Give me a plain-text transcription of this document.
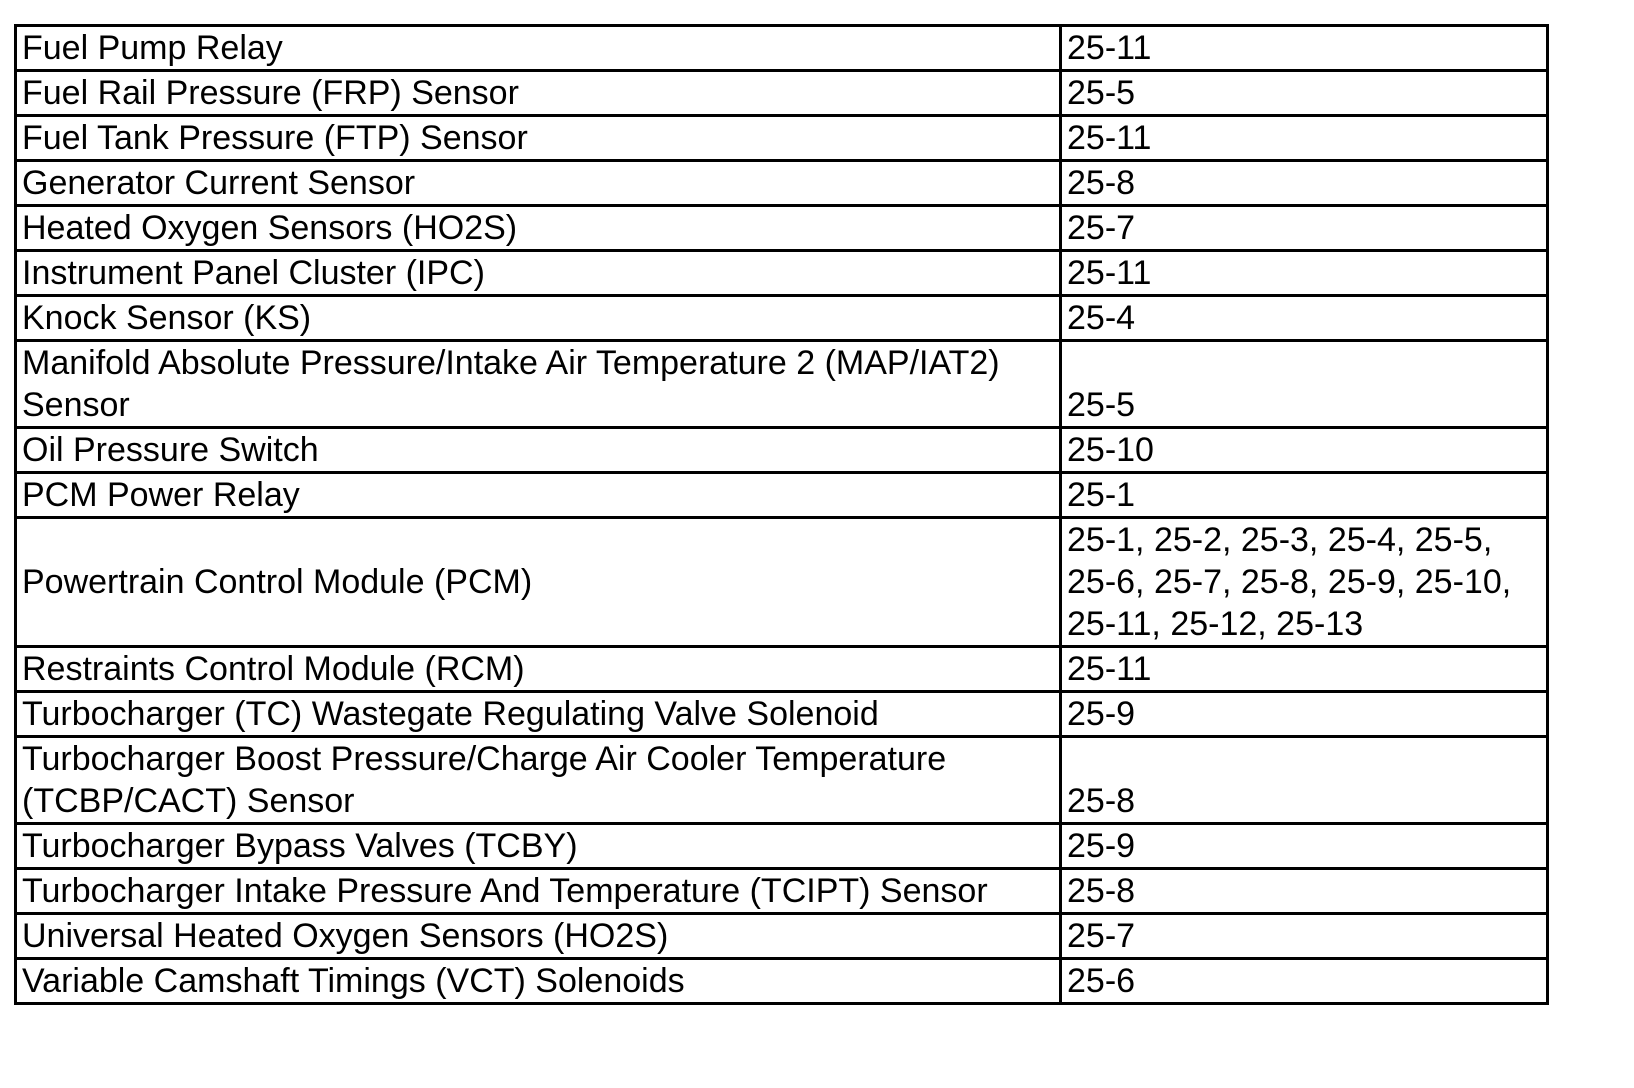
Fuel Pump Relay	25-11
Fuel Rail Pressure (FRP) Sensor	25-5
Fuel Tank Pressure (FTP) Sensor	25-11
Generator Current Sensor	25-8
Heated Oxygen Sensors (HO2S)	25-7
Instrument Panel Cluster (IPC)	25-11
Knock Sensor (KS)	25-4
Manifold Absolute Pressure/Intake Air Temperature 2 (MAP/IAT2)
Sensor	25-5
Oil Pressure Switch	25-10
PCM Power Relay	25-1
Powertrain Control Module (PCM)	25-1, 25-2, 25-3, 25-4, 25-5,
25-6, 25-7, 25-8, 25-9, 25-10,
25-11, 25-12, 25-13
Restraints Control Module (RCM)	25-11
Turbocharger (TC) Wastegate Regulating Valve Solenoid	25-9
Turbocharger Boost Pressure/Charge Air Cooler Temperature
(TCBP/CACT) Sensor	25-8
Turbocharger Bypass Valves (TCBY)	25-9
Turbocharger Intake Pressure And Temperature (TCIPT) Sensor	25-8
Universal Heated Oxygen Sensors (HO2S)	25-7
Variable Camshaft Timings (VCT) Solenoids	25-6
